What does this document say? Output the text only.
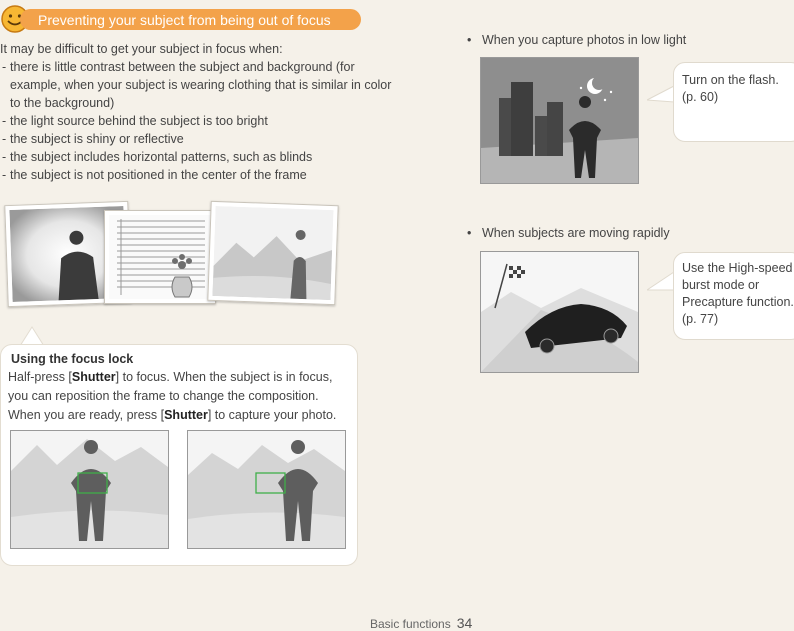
Preventing your subject from being out of focus
It may be difficult to get your subject in focus when:
- there is little contrast between the subject and background (for example, when your subject is wearing clothing that is similar in color to the background)
- the light source behind the subject is too bright
- the subject is shiny or reflective
- the subject includes horizontal patterns, such as blinds
- the subject is not positioned in the center of the frame
Using the focus lock
Half-press [Shutter] to focus. When the subject is in focus, you can reposition the frame to change the composition. When you are ready, press [Shutter] to capture your photo.
• When you capture photos in low light
Turn on the flash.
(p. 60)
• When subjects are moving rapidly
Use the High-speed
burst mode or
Precapture function.
(p. 77)
Basic functions 34
